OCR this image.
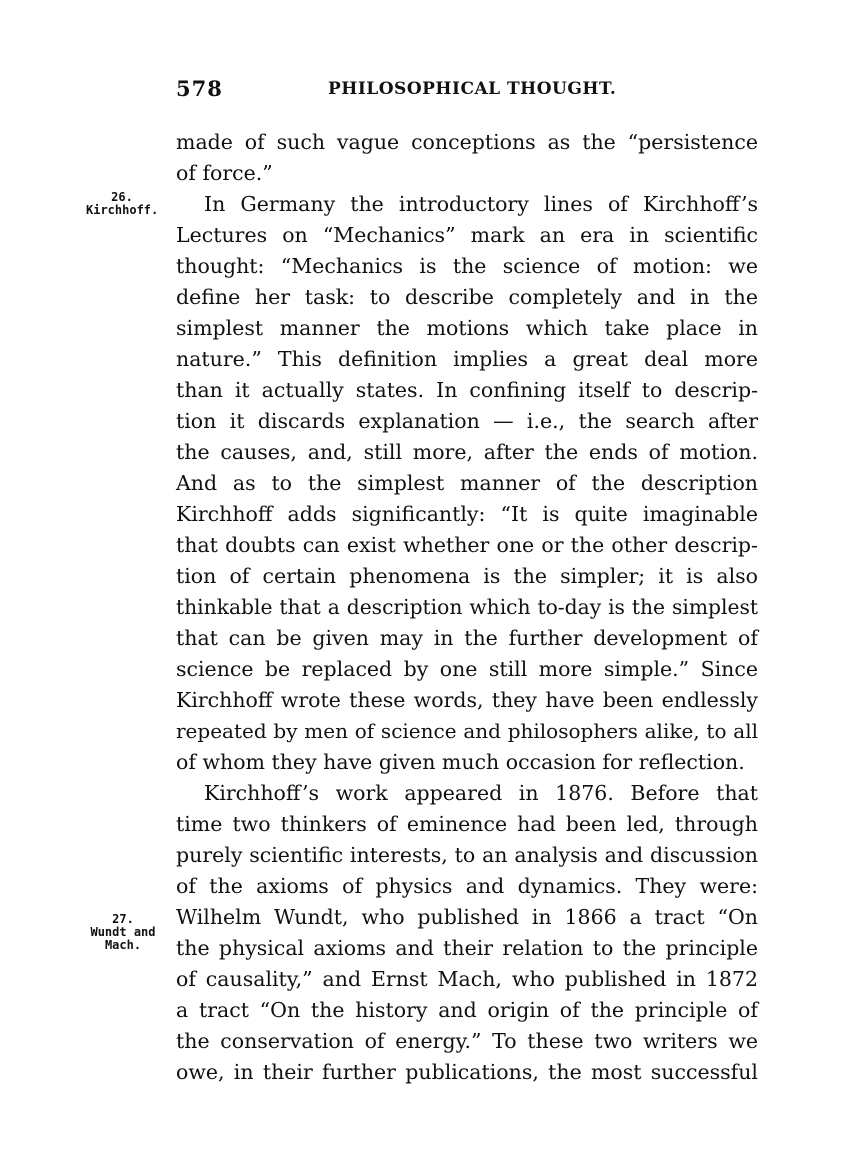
578	PHILOSOPHICAL THOUGHT.
26.
Kirchhoff.
27.
Wundt and
Mach.
made of such vague conceptions as the “persistence
of force.”
In Germany the introductory lines of Kirchhoff’s
Lectures on “Mechanics” mark an era in scientific
thought: “Mechanics is the science of motion: we
define her task: to describe completely and in the
simplest manner the motions which take place in
nature.” This definition implies a great deal more
than it actually states. In confining itself to descrip-
tion it discards explanation — i.e., the search after
the causes, and, still more, after the ends of motion.
And as to the simplest manner of the description
Kirchhoff adds significantly: “It is quite imaginable
that doubts can exist whether one or the other descrip-
tion of certain phenomena is the simpler; it is also
thinkable that a description which to-day is the simplest
that can be given may in the further development of
science be replaced by one still more simple.” Since
Kirchhoff wrote these words, they have been endlessly
repeated by men of science and philosophers alike, to all
of whom they have given much occasion for reflection.
Kirchhoff’s work appeared in 1876. Before that
time two thinkers of eminence had been led, through
purely scientific interests, to an analysis and discussion
of the axioms of physics and dynamics. They were:
Wilhelm Wundt, who published in 1866 a tract “On
the physical axioms and their relation to the principle
of causality,” and Ernst Mach, who published in 1872
a tract “On the history and origin of the principle of
the conservation of energy.” To these two writers we
owe, in their further publications, the most successful
